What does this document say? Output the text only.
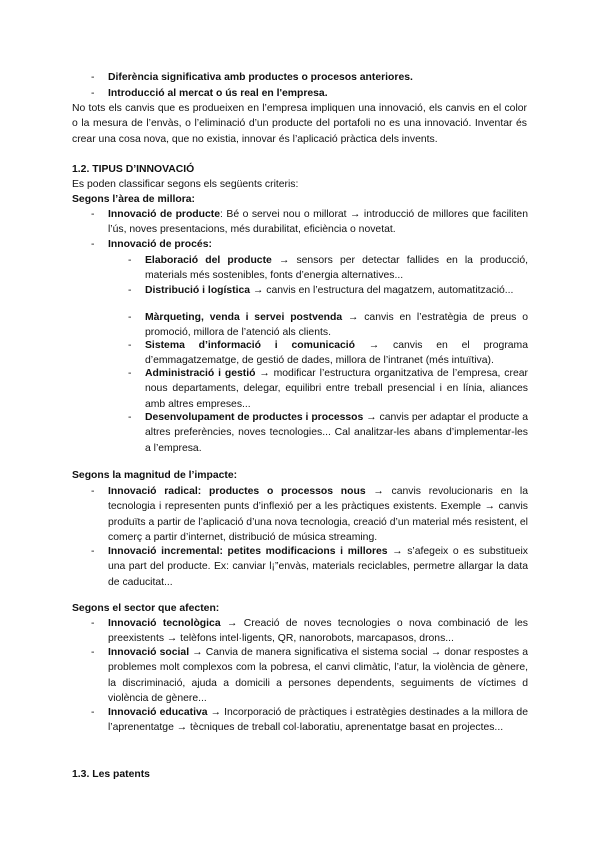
-	Diferència significativa amb productes o procesos anteriores.
-	Introducció al mercat o ús real en l'empresa.
No tots els canvis que es produeixen en l’empresa impliquen una innovació, els canvis en el color o la mesura de l’envàs, o l’eliminació d’un producte del portafoli no es una innovació. Inventar és crear una cosa nova, que no existia, innovar és l’aplicació pràctica dels invents.
1.2. TIPUS D’INNOVACIÓ
Es poden classificar segons els següents criteris:
Segons l’àrea de millora:
-	Innovació de producte: Bé o servei nou o millorat → introducció de millores que faciliten l’ús, noves presentacions, més durabilitat, eficiència o novetat.
-	Innovació de procés:
-	Elaboració del producte → sensors per detectar fallides en la producció, materials més sostenibles, fonts d’energia alternatives...
-	Distribució i logística → canvis en l’estructura del magatzem, automatització...
-	Màrqueting, venda i servei postvenda → canvis en l’estratègia de preus o promoció, millora de l’atenció als clients.
-	Sistema d’informació i comunicació → canvis en el programa d’emmagatzematge, de gestió de dades, millora de l’intranet (més intuïtiva).
-	Administració i gestió → modificar l’estructura organitzativa de l’empresa, crear nous departaments, delegar, equilibri entre treball presencial i en línia, aliances amb altres empreses...
-	Desenvolupament de productes i processos → canvis per adaptar el producte a altres preferències, noves tecnologies... Cal analitzar-les abans d’implementar-les a l’empresa.
Segons la magnitud de l’impacte:
-	Innovació radical: productes o processos nous → canvis revolucionaris en la tecnologia i representen punts d’inflexió per a les pràctiques existents. Exemple → canvis produïts a partir de l’aplicació d’una nova tecnologia, creació d’un material més resistent, el comerç a partir d’internet, distribució de música streaming.
-	Innovació incremental: petites modificacions i millores → s’afegeix o es substitueix una part del producte. Ex: canviar l¡”envàs, materials reciclables, permetre allargar la data de caducitat...
Segons el sector que afecten:
-	Innovació tecnològica → Creació de noves tecnologies o nova combinació de les preexistents → telèfons intel·ligents, QR, nanorobots, marcapasos, drons...
-	Innovació social → Canvia de manera significativa el sistema social → donar respostes a problemes molt complexos com la pobresa, el canvi climàtic, l’atur, la violència de gènere, la discriminació, ajuda a domicili a persones dependents, seguiments de víctimes d violència de gènere...
-	Innovació educativa → Incorporació de pràctiques i estratègies destinades a la millora de l’aprenentatge → tècniques de treball col·laboratiu, aprenentatge basat en projectes...
1.3. Les patents
